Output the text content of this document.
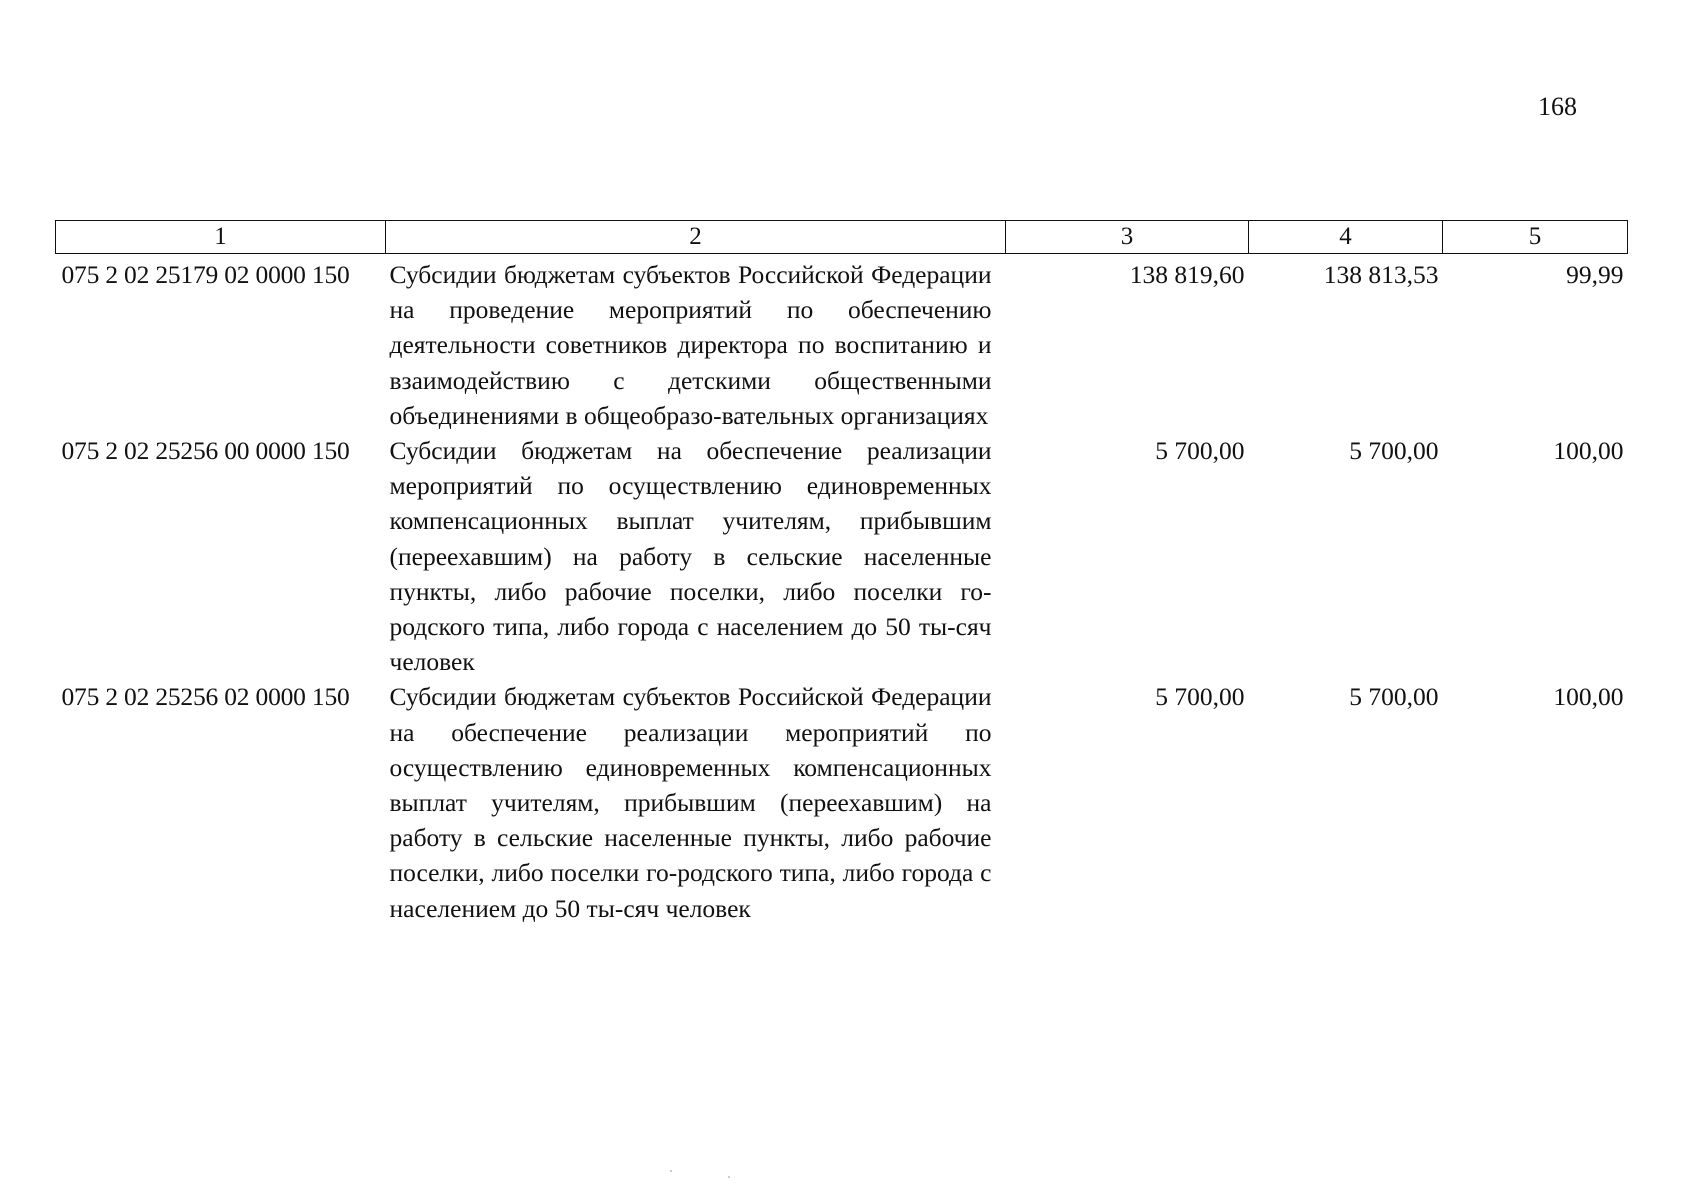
168
1	2	3	4	5
075 2 02 25179 02 0000 150	Субсидии бюджетам субъектов Российской Федерации на проведение мероприятий по обеспечению деятельности советников директора по воспитанию и взаимодействию с детскими общественными объединениями в общеобразо-вательных организациях	138 819,60	138 813,53	99,99
075 2 02 25256 00 0000 150	Субсидии бюджетам на обеспечение реализации мероприятий по осуществлению единовременных компенсационных выплат учителям, прибывшим (переехавшим) на работу в сельские населенные пункты, либо рабочие поселки, либо поселки го-родского типа, либо города с населением до 50 ты-сяч человек	5 700,00	5 700,00	100,00
075 2 02 25256 02 0000 150	Субсидии бюджетам субъектов Российской Федерации на обеспечение реализации мероприятий по осуществлению единовременных компенсационных выплат учителям, прибывшим (переехавшим) на работу в сельские населенные пункты, либо рабочие поселки, либо поселки го-родского типа, либо города с населением до 50 ты-сяч человек	5 700,00	5 700,00	100,00
